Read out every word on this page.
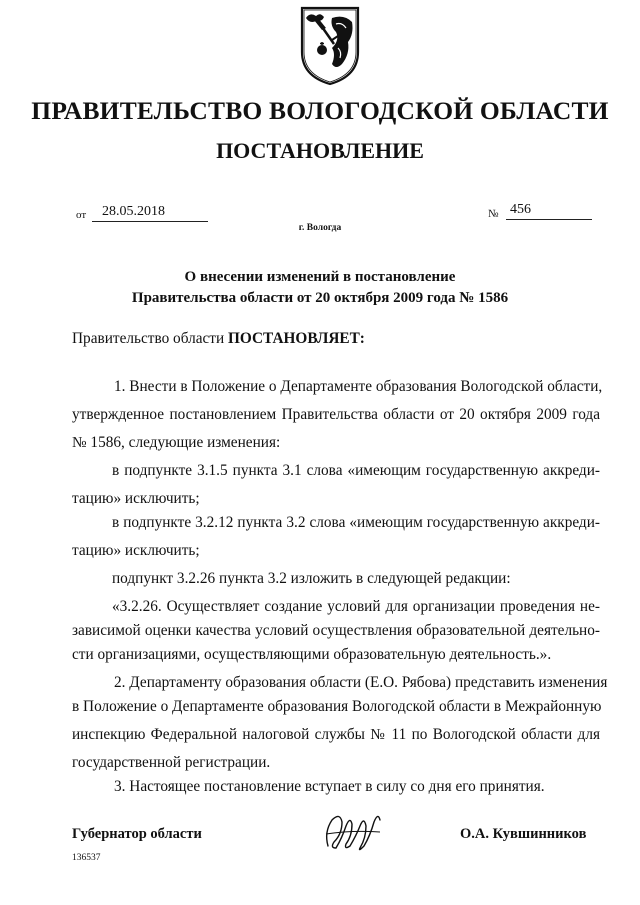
ПРАВИТЕЛЬСТВО ВОЛОГОДСКОЙ ОБЛАСТИ
ПОСТАНОВЛЕНИЕ
от 28.05.2018	№ 456
г. Вологда
О внесении изменений в постановление
Правительства области от 20 октября 2009 года № 1586
Правительство области ПОСТАНОВЛЯЕТ:
1. Внести в Положение о Департаменте образования Вологодской области,
утвержденное постановлением Правительства области от 20 октября 2009 года
№ 1586, следующие изменения:
в подпункте 3.1.5 пункта 3.1 слова «имеющим государственную аккреди-
тацию» исключить;
в подпункте 3.2.12 пункта 3.2 слова «имеющим государственную аккреди-
тацию» исключить;
подпункт 3.2.26 пункта 3.2 изложить в следующей редакции:
«3.2.26. Осуществляет создание условий для организации проведения не-
зависимой оценки качества условий осуществления образовательной деятельно-
сти организациями, осуществляющими образовательную деятельность.».
2. Департаменту образования области (Е.О. Рябова) представить изменения
в Положение о Департаменте образования Вологодской области в Межрайонную
инспекцию Федеральной налоговой службы № 11 по Вологодской области для
государственной регистрации.
3. Настоящее постановление вступает в силу со дня его принятия.
Губернатор области	О.А. Кувшинников
136537
